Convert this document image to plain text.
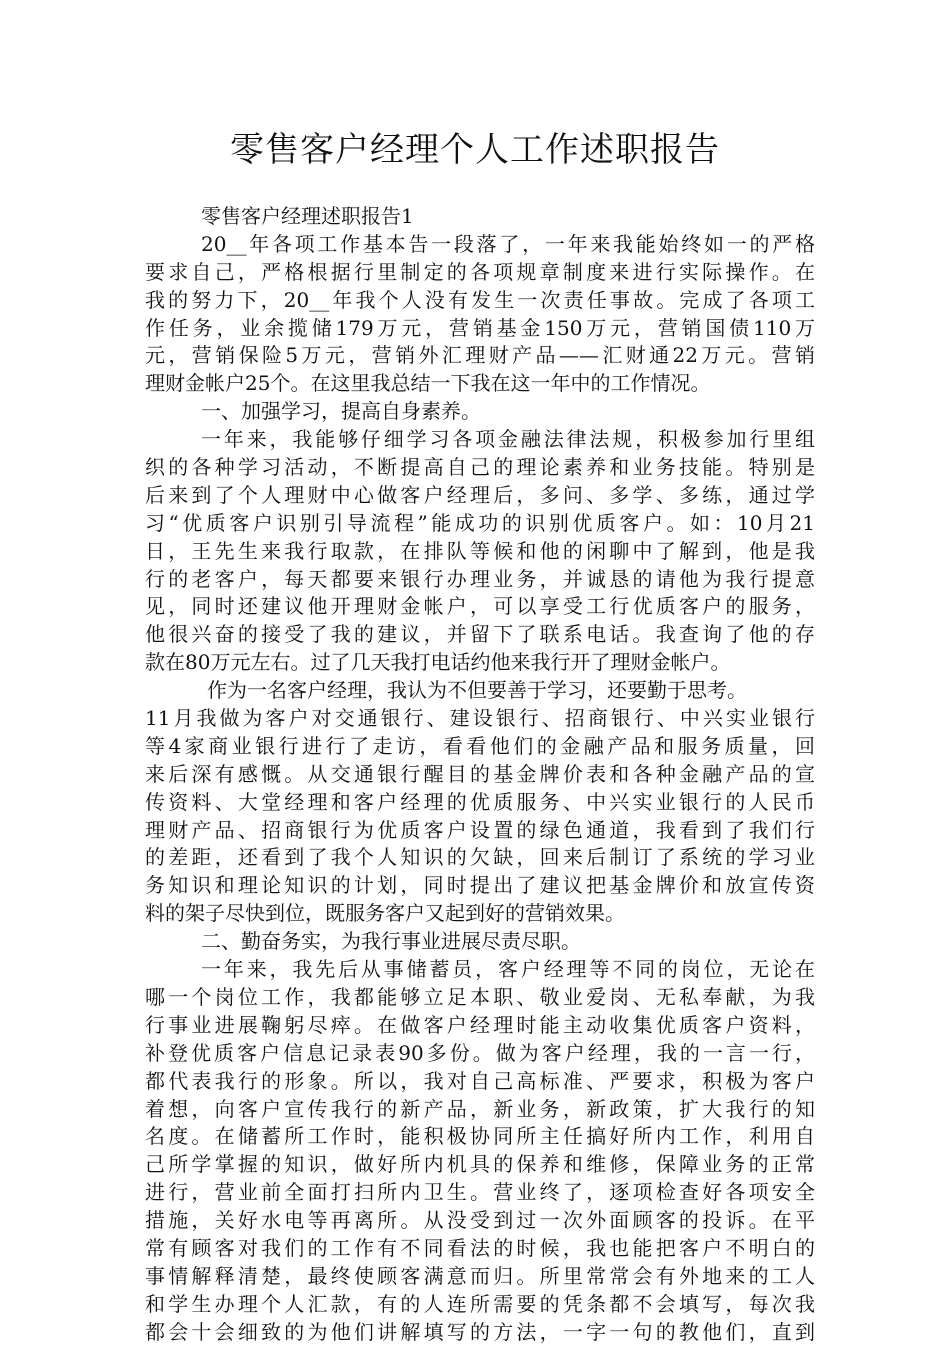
零售客户经理个人工作述职报告
零售客户经理述职报告1
20__年各项工作基本告一段落了，一年来我能始终如一的严格
要求自己，严格根据行里制定的各项规章制度来进行实际操作。在
我的努力下，20__年我个人没有发生一次责任事故。完成了各项工
作任务，业余揽储179万元，营销基金150万元，营销国债110万
元，营销保险5万元，营销外汇理财产品——汇财通22万元。营销
理财金帐户25个。在这里我总结一下我在这一年中的工作情况。
一、加强学习，提高自身素养。
一年来，我能够仔细学习各项金融法律法规，积极参加行里组
织的各种学习活动，不断提高自己的理论素养和业务技能。特别是
后来到了个人理财中心做客户经理后，多问、多学、多练，通过学
习“优质客户识别引导流程”能成功的识别优质客户。如：10月21
日，王先生来我行取款，在排队等候和他的闲聊中了解到，他是我
行的老客户，每天都要来银行办理业务，并诚恳的请他为我行提意
见，同时还建议他开理财金帐户，可以享受工行优质客户的服务，
他很兴奋的接受了我的建议，并留下了联系电话。我查询了他的存
款在80万元左右。过了几天我打电话约他来我行开了理财金帐户。
作为一名客户经理，我认为不但要善于学习，还要勤于思考。
11月我做为客户对交通银行、建设银行、招商银行、中兴实业银行
等4家商业银行进行了走访，看看他们的金融产品和服务质量，回
来后深有感慨。从交通银行醒目的基金牌价表和各种金融产品的宣
传资料、大堂经理和客户经理的优质服务、中兴实业银行的人民币
理财产品、招商银行为优质客户设置的绿色通道，我看到了我们行
的差距，还看到了我个人知识的欠缺，回来后制订了系统的学习业
务知识和理论知识的计划，同时提出了建议把基金牌价和放宣传资
料的架子尽快到位，既服务客户又起到好的营销效果。
二、勤奋务实，为我行事业进展尽责尽职。
一年来，我先后从事储蓄员，客户经理等不同的岗位，无论在
哪一个岗位工作，我都能够立足本职、敬业爱岗、无私奉献，为我
行事业进展鞠躬尽瘁。在做客户经理时能主动收集优质客户资料，
补登优质客户信息记录表90多份。做为客户经理，我的一言一行，
都代表我行的形象。所以，我对自己高标准、严要求，积极为客户
着想，向客户宣传我行的新产品，新业务，新政策，扩大我行的知
名度。在储蓄所工作时，能积极协同所主任搞好所内工作，利用自
己所学掌握的知识，做好所内机具的保养和维修，保障业务的正常
进行，营业前全面打扫所内卫生。营业终了，逐项检查好各项安全
措施，关好水电等再离所。从没受到过一次外面顾客的投诉。在平
常有顾客对我们的工作有不同看法的时候，我也能把客户不明白的
事情解释清楚，最终使顾客满意而归。所里常常会有外地来的工人
和学生办理个人汇款，有的人连所需要的凭条都不会填写，每次我
都会十会细致的为他们讲解填写的方法，一字一句的教他们，直到
